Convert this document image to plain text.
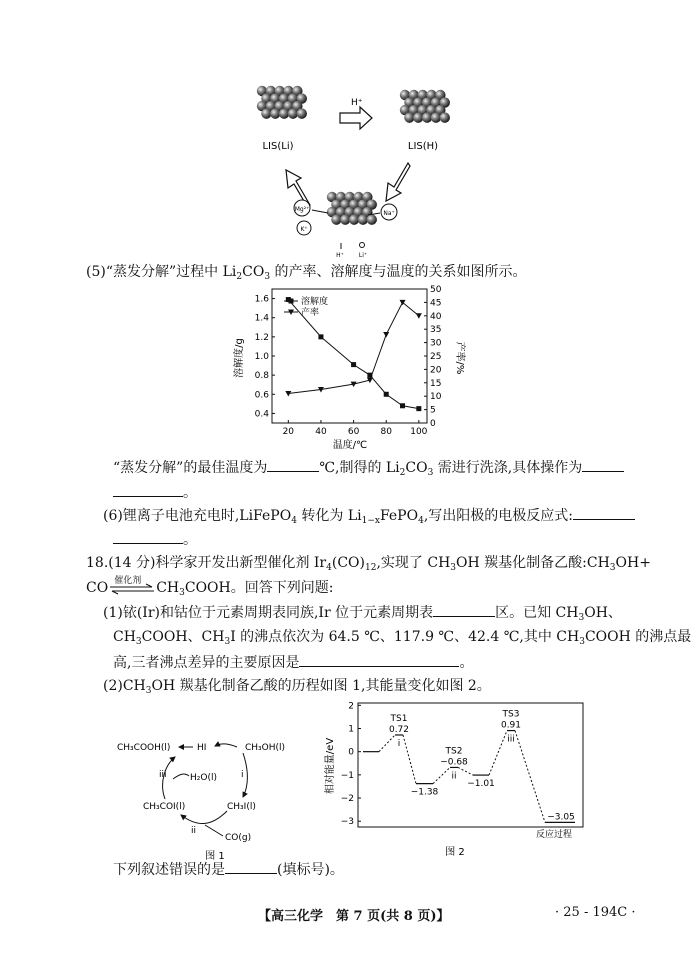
H⁺
LIS(Li)	LIS(H)
Mg²⁺
Na⁺
K⁺
H⁺	Li⁺
(5)“蒸发分解”过程中 $Li_2CO_3$ 的产率、溶解度与温度的关系如图所示。
20 40 60 80 100
0.4
0.6
0.8
1.0
1.2
1.4
1.6
0
5
10
15
20
25
30
35
40
45
50
溶解度
产率
温度/℃
溶解度/g	产率/%
“蒸发分解”的最佳温度为	℃,制得的 $Li_2CO_3$ 需进行洗涤,具体操作为
。
(6)锂离子电池充电时,LiFePO$_4$ 转化为 $Li_{1-x}FePO_4$,写出阳极的电极反应式:
。
18.(14 分)科学家开发出新型催化剂 $Ir_4(CO)_{12}$,实现了 $CH_3OH$ 羰基化制备乙酸$:CH_3OH+$
CO 催化剂 $CH_3COOH$。回答下列问题:
(1)铱(Ir)和钴位于元素周期表同族,Ir 位于元素周期表	区。已知 $CH_3OH$、
$CH_3COOH$、$CH_3I$ 的沸点依次为 64.5 ℃、117.9 ℃、42.4 ℃,其中 $CH_3COOH$ 的沸点最
高,三者沸点差异的主要原因是	。
$(2)CH_3OH$ 羰基化制备乙酸的历程如图 1,其能量变化如图 2。
CH₃COOH(l)	HI	CH₃OH(l)
H₂O(l)
CH₃I(l)
CH₃COI(l)
CO(g)
i
ii
iii
图 1
2
1
0
−1
−2
−3
TS1
0.72
i
TS2
−0.68
ii
TS3
0.91
iii
−1.38
−1.01
−3.05
相对能量/eV
反应过程
图 2
下列叙述错误的是	(填标号)。
【高三化学　第 7 页(共 8 页)】	· 25 - 194C ·
